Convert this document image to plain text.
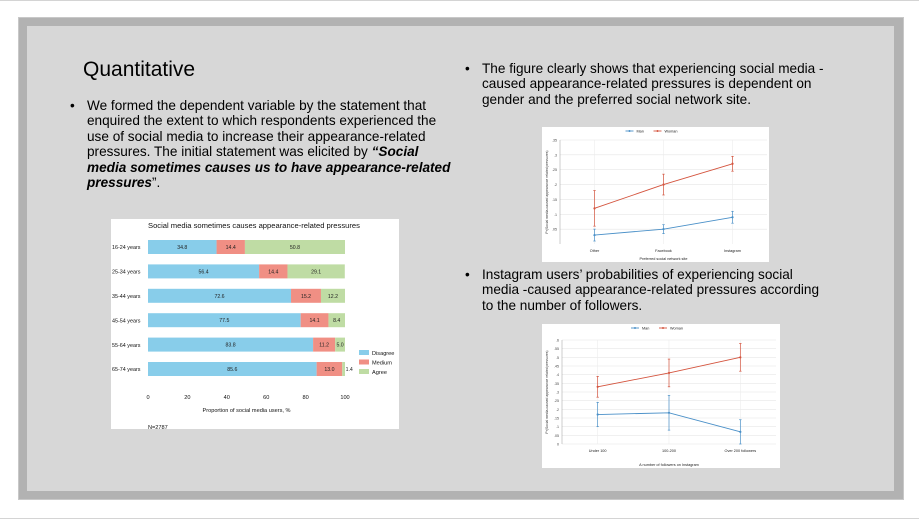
Quantitative
• We formed the dependent variable by the statement that enquired the extent to which respondents experienced the use of social media to increase their appearance-related pressures. The initial statement was elicited by “Social media sometimes causes us to have appearance-related pressures”.
• The figure clearly shows that experiencing social media -caused appearance-related pressures is dependent on gender and the preferred social network site.
• Instagram users’ probabilities of experiencing social media -caused appearance-related pressures according to the number of followers.
Social media sometimes causes appearance-related pressures
16-24 years	34.8	14.4	50.8
25-34 years	56.4	14.4	29.1
35-44 years	72.6	15.2	12.2
45-54 years	77.5	14.1	8.4
55-64 years	83.8	11.2 5.0
65-74 years	85.6	13.0 1.4
0	20	40	60	80	100
Proportion of social media users, %
N=2787
Disagree
Medium
Agree
.05
.1
.15
.2
.25
.3
.35
Other	Facebook	Instagram
Preferred social network site
Pr(Social media-caused appearance related pressures)
Man	Woman
0
.05
.1
.15
.2
.25
.3
.35
.4
.45
.5
.55
.6
Under 100	100-200	Over 200 followers
A number of followers on Instagram
Pr(Social media-caused appearance related pressures)
Man	Woman
